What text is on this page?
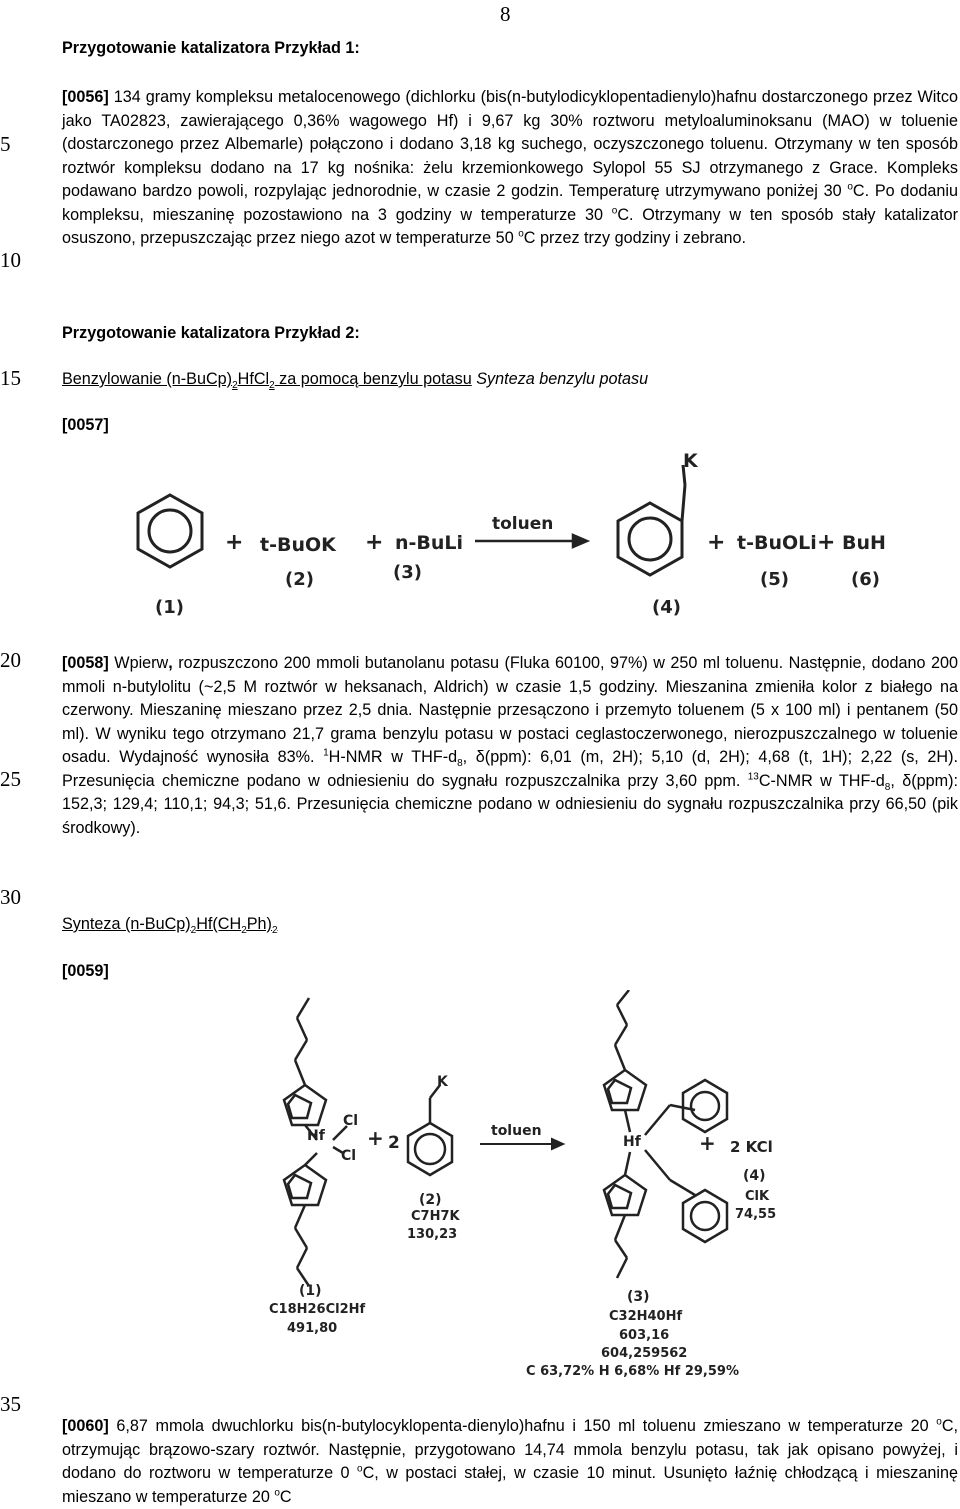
8
5
10
15
20
25
30
35
Przygotowanie katalizatora Przykład 1:
[0056] 134 gramy kompleksu metalocenowego (dichlorku (bis(n-butylodicyklopentadienylo)hafnu dostarczonego przez Witco jako TA02823, zawierającego 0,36% wagowego Hf) i 9,67 kg 30% roztworu metyloaluminoksanu (MAO) w toluenie (dostarczonego przez Albemarle) połączono i dodano 3,18 kg suchego, oczyszczonego toluenu. Otrzymany w ten sposób roztwór kompleksu dodano na 17 kg nośnika: żelu krzemionkowego Sylopol 55 SJ otrzymanego z Grace. Kompleks podawano bardzo powoli, rozpylając jednorodnie, w czasie 2 godzin. Temperaturę utrzymywano poniżej 30 $^o$C. Po dodaniu kompleksu, mieszaninę pozostawiono na 3 godziny w temperaturze 30 $^o$C. Otrzymany w ten sposób stały katalizator osuszono, przepuszczając przez niego azot w temperaturze 50 $^o$C przez trzy godziny i zebrano.
Przygotowanie katalizatora Przykład 2:
Benzylowanie $(n-BuCp)_2HfCl_2$ za pomocą benzylu potasu Synteza benzylu potasu
[0057]
+ t-BuOK + n-BuLi
toluen
K
+ t-BuOLi + BuH
(1)
(2)	(3)
(4)
(5)	(6)
[0058] Wpierw, rozpuszczono 200 mmoli butanolanu potasu (Fluka 60100, 97%) w 250 ml toluenu. Następnie, dodano 200 mmoli n-butylolitu (~2,5 M roztwór w heksanach, Aldrich) w czasie 1,5 godziny. Mieszanina zmieniła kolor z białego na czerwony. Mieszaninę mieszano przez 2,5 dnia. Następnie przesączono i przemyto toluenem (5 x 100 ml) i pentanem (50 ml). W wyniku tego otrzymano 21,7 grama benzylu potasu w postaci ceglastoczerwonego, nierozpuszczalnego w toluenie osadu. Wydajność wynosiła 83%. $^1$H-NMR w THF-$d_8$, δ(ppm): 6,01 (m, 2H); 5,10 (d, 2H); 4,68 (t, 1H); 2,22 (s, 2H). Przesunięcia chemiczne podano w odniesieniu do sygnału rozpuszczalnika przy 3,60 ppm. $^{13}$C-NMR w THF-$d_8$, δ(ppm): 152,3; 129,4; 110,1; 94,3; 51,6. Przesunięcia chemiczne podano w odniesieniu do sygnału rozpuszczalnika przy 66,50 (pik środkowy).
Synteza $(n-BuCp)_2Hf(CH_2Ph)_2$
[0059]
Hf
Cl
Cl
+ 2
K
(2)
C7H7K
130,23
toluen
Hf	+ 2 KCl
(4)
ClK
74,55
(1)
C18H26Cl2Hf
491,80
(3)
C32H40Hf
603,16
604,259562
C 63,72% H 6,68% Hf 29,59%
[0060] 6,87 mmola dwuchlorku bis(n-butylocyklopenta-dienylo)hafnu i 150 ml toluenu zmieszano w temperaturze 20 $^o$C, otrzymując brązowo-szary roztwór. Następnie, przygotowano 14,74 mmola benzylu potasu, tak jak opisano powyżej, i dodano do roztworu w temperaturze 0 $^o$C, w postaci stałej, w czasie 10 minut. Usunięto łaźnię chłodzącą i mieszaninę mieszano w temperaturze 20 $^o$C
